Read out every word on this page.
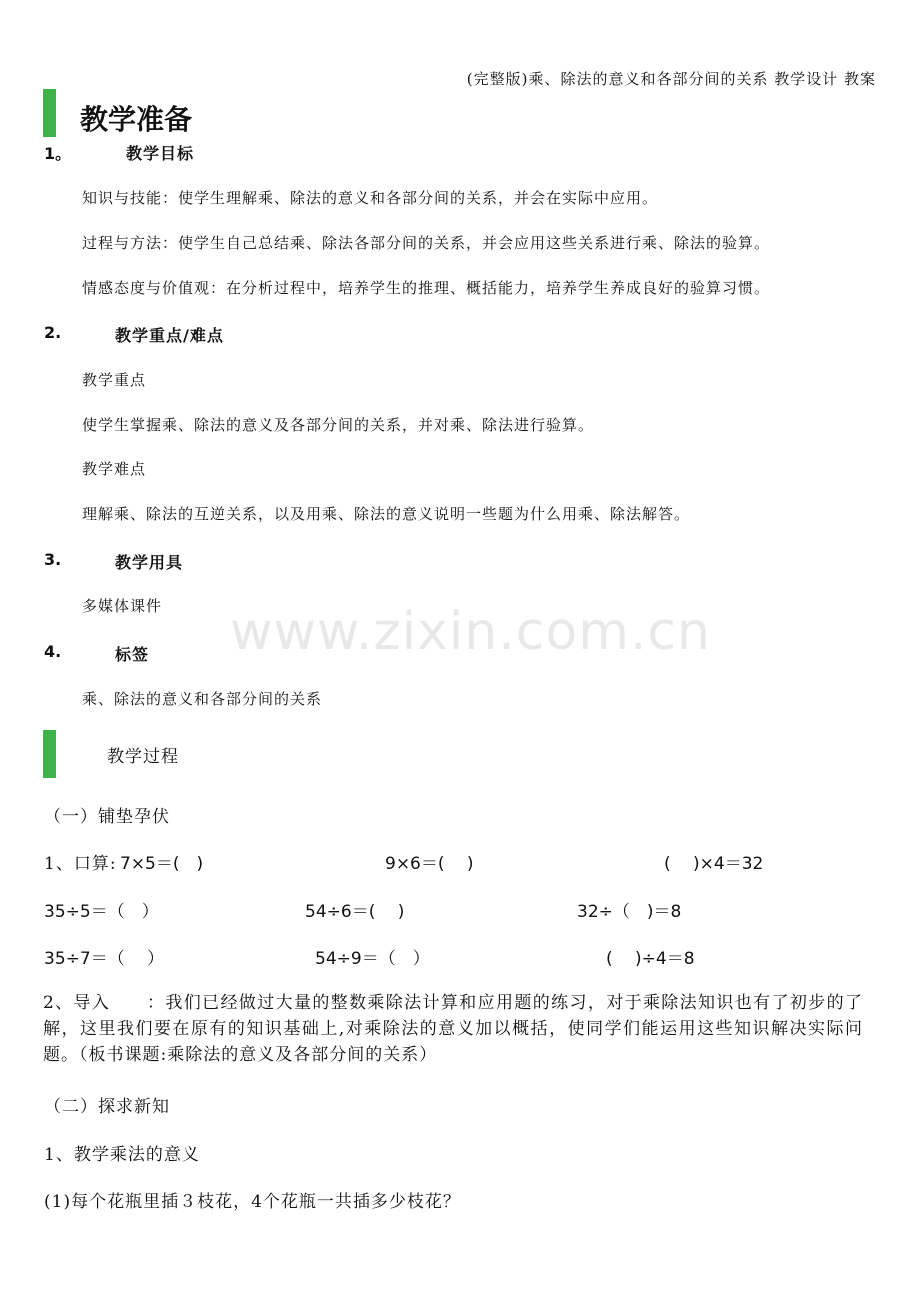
(完整版)乘、除法的意义和各部分间的关系 教学设计 教案
教学准备
1。	教学目标
知识与技能：使学生理解乘、除法的意义和各部分间的关系，并会在实际中应用。
过程与方法：使学生自己总结乘、除法各部分间的关系，并会应用这些关系进行乘、除法的验算。
情感态度与价值观：在分析过程中，培养学生的推理、概括能力，培养学生养成良好的验算习惯。
2.	教学重点/难点
教学重点
使学生掌握乘、除法的意义及各部分间的关系，并对乘、除法进行验算。
教学难点
理解乘、除法的互逆关系，以及用乘、除法的意义说明一些题为什么用乘、除法解答。
3.	教学用具
多媒体课件 www.zixin.com.cn
4.	标签
乘、除法的意义和各部分间的关系
教学过程
（一）铺垫孕伏
1、口算: 7×5＝(　)	9×6＝(　 )	(　 )×4＝32
35÷5＝（　）	54÷6＝(　 )	32÷（　)＝8
35÷7＝（　 ）	54÷9＝（　）	(　 )÷4＝8
2、导入　　：我们已经做过大量的整数乘除法计算和应用题的练习，对于乘除法知识也有了初步的了解，这里我们要在原有的知识基础上,对乘除法的意义加以概括，使同学们能运用这些知识解决实际问题。（板书课题:乘除法的意义及各部分间的关系）
（二）探求新知
1、教学乘法的意义
(1)每个花瓶里插３枝花，4个花瓶一共插多少枝花？
